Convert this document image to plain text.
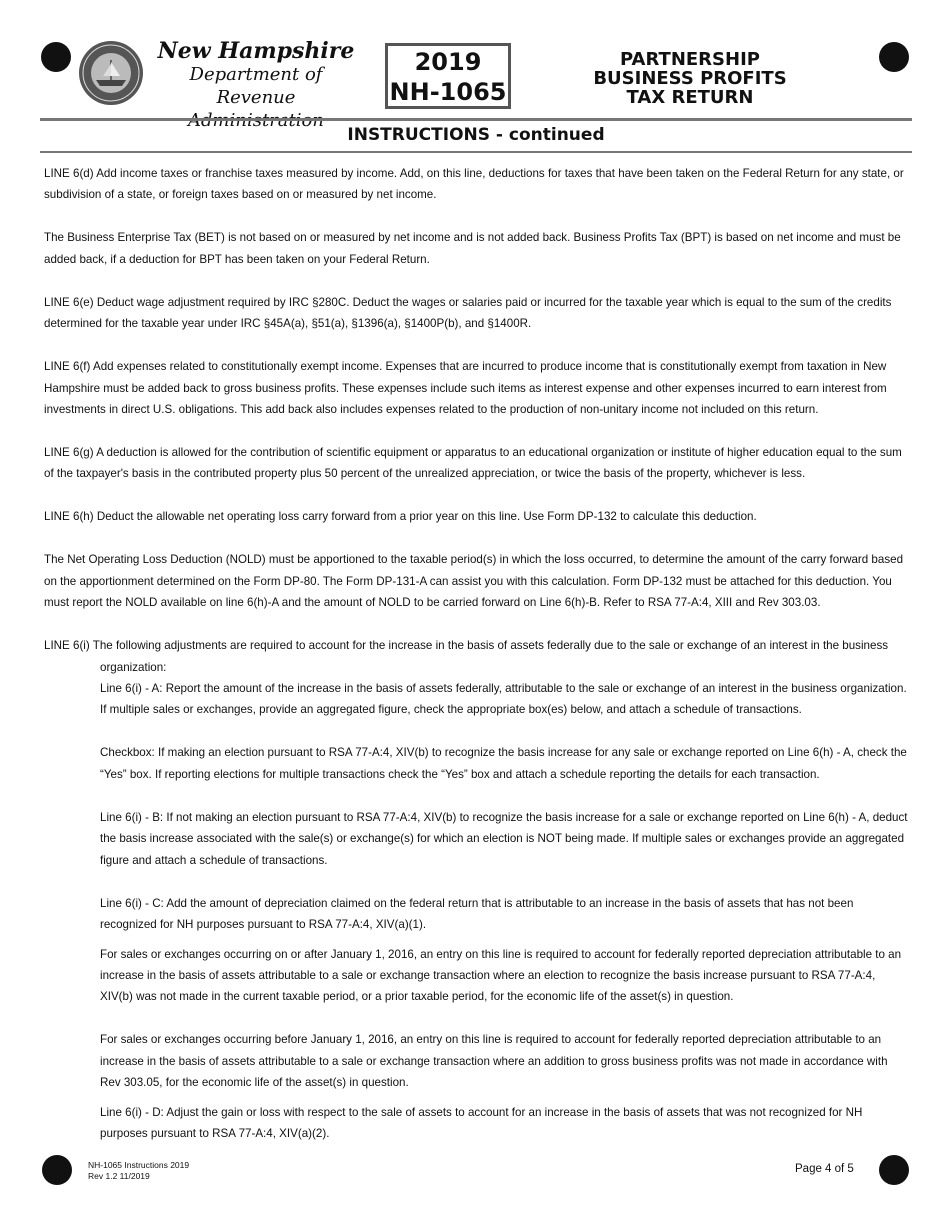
New Hampshire
Department of
Revenue
2019
NH-1065
PARTNERSHIP
BUSINESS PROFITS
TAX RETURN
INSTRUCTIONS - continued

LINE 6(d) Add income taxes or franchise taxes measured by income. Add, on this line, deductions for taxes that have been taken on the Federal Return for any state, or subdivision of a state, or foreign taxes based on or measured by net income.

The Business Enterprise Tax (BET) is not based on or measured by net income and is not added back. Business Profits Tax (BPT) is based on net income and must be added back, if a deduction for BPT has been taken on your Federal Return.

LINE 6(e) Deduct wage adjustment required by IRC §280C. Deduct the wages or salaries paid or incurred for the taxable year which is equal to the sum of the credits determined for the taxable year under IRC §45A(a), §51(a), §1396(a), §1400P(b), and §1400R.

LINE 6(f) Add expenses related to constitutionally exempt income. Expenses that are incurred to produce income that is constitutionally exempt from taxation in New Hampshire must be added back to gross business profits. These expenses include such items as interest expense and other expenses incurred to earn interest from investments in direct U.S. obligations. This add back also includes expenses related to the production of non-unitary income not included on this return.

LINE 6(g) A deduction is allowed for the contribution of scientific equipment or apparatus to an educational organization or institute of higher education equal to the sum of the taxpayer's basis in the contributed property plus 50 percent of the unrealized appreciation, or twice the basis of the property, whichever is less.

LINE 6(h) Deduct the allowable net operating loss carry forward from a prior year on this line. Use Form DP-132 to calculate this deduction.

The Net Operating Loss Deduction (NOLD) must be apportioned to the taxable period(s) in which the loss occurred, to determine the amount of the carry forward based on the apportionment determined on the Form DP-80. The Form DP-131-A can assist you with this calculation. Form DP-132 must be attached for this deduction. You must report the NOLD available on line 6(h)-A and the amount of NOLD to be carried forward on Line 6(h)-B. Refer to RSA 77-A:4, XIII and Rev 303.03.

LINE 6(i) The following adjustments are required to account for the increase in the basis of assets federally due to the sale or exchange of an interest in the business organization:

Line 6(i) - A: Report the amount of the increase in the basis of assets federally, attributable to the sale or exchange of an interest in the business organization. If multiple sales or exchanges, provide an aggregated figure, check the appropriate box(es) below, and attach a schedule of transactions.

Checkbox: If making an election pursuant to RSA 77-A:4, XIV(b) to recognize the basis increase for any sale or exchange reported on Line 6(h) - A, check the “Yes” box. If reporting elections for multiple transactions check the “Yes” box and attach a schedule reporting the details for each transaction.

Line 6(i) - B: If not making an election pursuant to RSA 77-A:4, XIV(b) to recognize the basis increase for a sale or exchange reported on Line 6(h) - A, deduct the basis increase associated with the sale(s) or exchange(s) for which an election is NOT being made. If multiple sales or exchanges provide an aggregated figure and attach a schedule of transactions.

Line 6(i) - C: Add the amount of depreciation claimed on the federal return that is attributable to an increase in the basis of assets that has not been recognized for NH purposes pursuant to RSA 77-A:4, XIV(a)(1).

For sales or exchanges occurring on or after January 1, 2016, an entry on this line is required to account for federally reported depreciation attributable to an increase in the basis of assets attributable to a sale or exchange transaction where an election to recognize the basis increase pursuant to RSA 77-A:4, XIV(b) was not made in the current taxable period, or a prior taxable period, for the economic life of the asset(s) in question.

For sales or exchanges occurring before January 1, 2016, an entry on this line is required to account for federally reported depreciation attributable to an increase in the basis of assets attributable to a sale or exchange transaction where an addition to gross business profits was not made in accordance with Rev 303.05, for the economic life of the asset(s) in question.

Line 6(i) - D: Adjust the gain or loss with respect to the sale of assets to account for an increase in the basis of assets that was not recognized for NH purposes pursuant to RSA 77-A:4, XIV(a)(2).

NH-1065 Instructions 2019
Rev 1.2 11/2019
Page 4 of 5
